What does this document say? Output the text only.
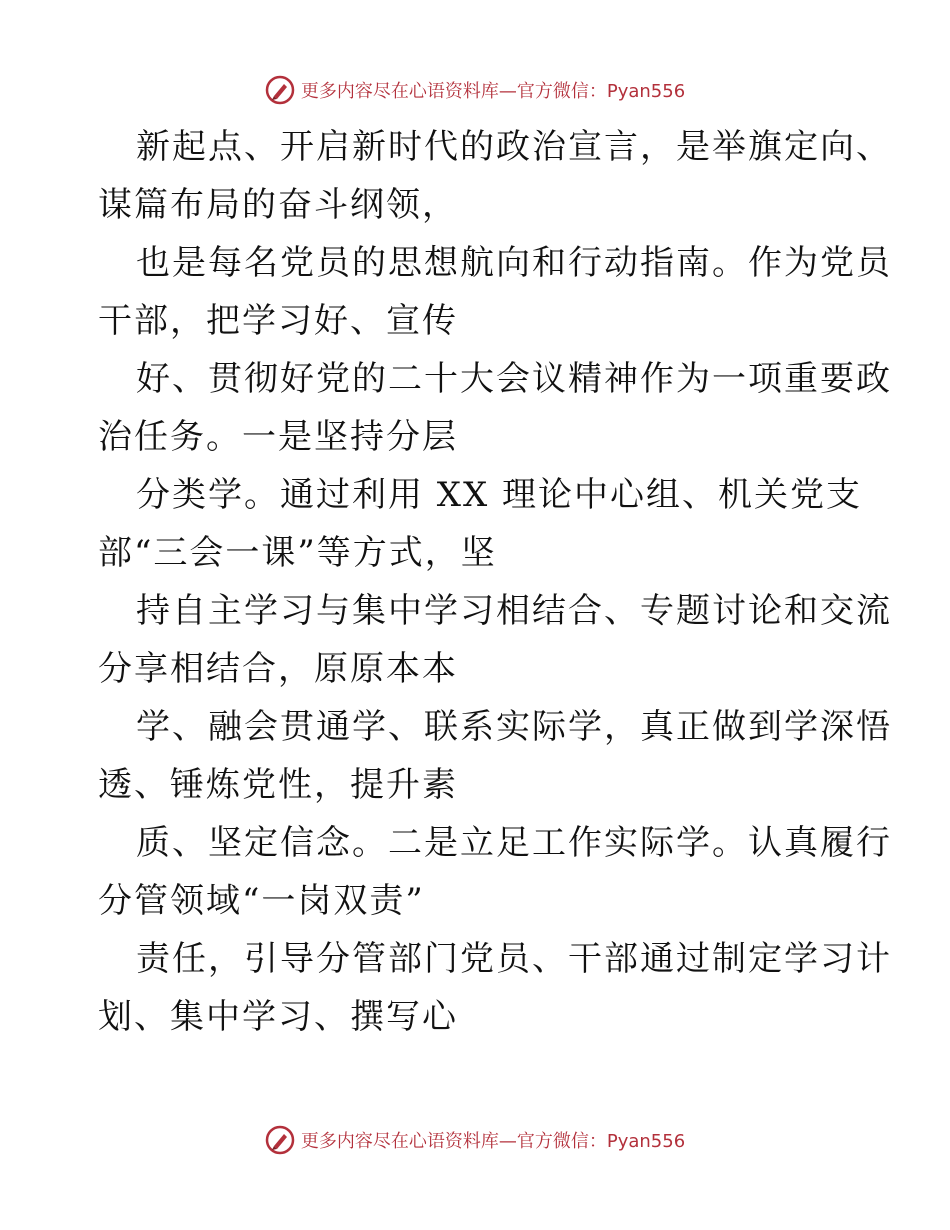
更多内容尽在心语资料库—官方微信：Pyan556
新起点、开启新时代的政治宣言，是举旗定向、
谋篇布局的奋斗纲领，
也是每名党员的思想航向和行动指南。作为党员
干部，把学习好、宣传
好、贯彻好党的二十大会议精神作为一项重要政
治任务。一是坚持分层
分类学。通过利用 XX 理论中心组、机关党支
部“三会一课”等方式，坚
持自主学习与集中学习相结合、专题讨论和交流
分享相结合，原原本本
学、融会贯通学、联系实际学，真正做到学深悟
透、锤炼党性，提升素
质、坚定信念。二是立足工作实际学。认真履行
分管领域“一岗双责”
责任，引导分管部门党员、干部通过制定学习计
划、集中学习、撰写心
更多内容尽在心语资料库—官方微信：Pyan556
